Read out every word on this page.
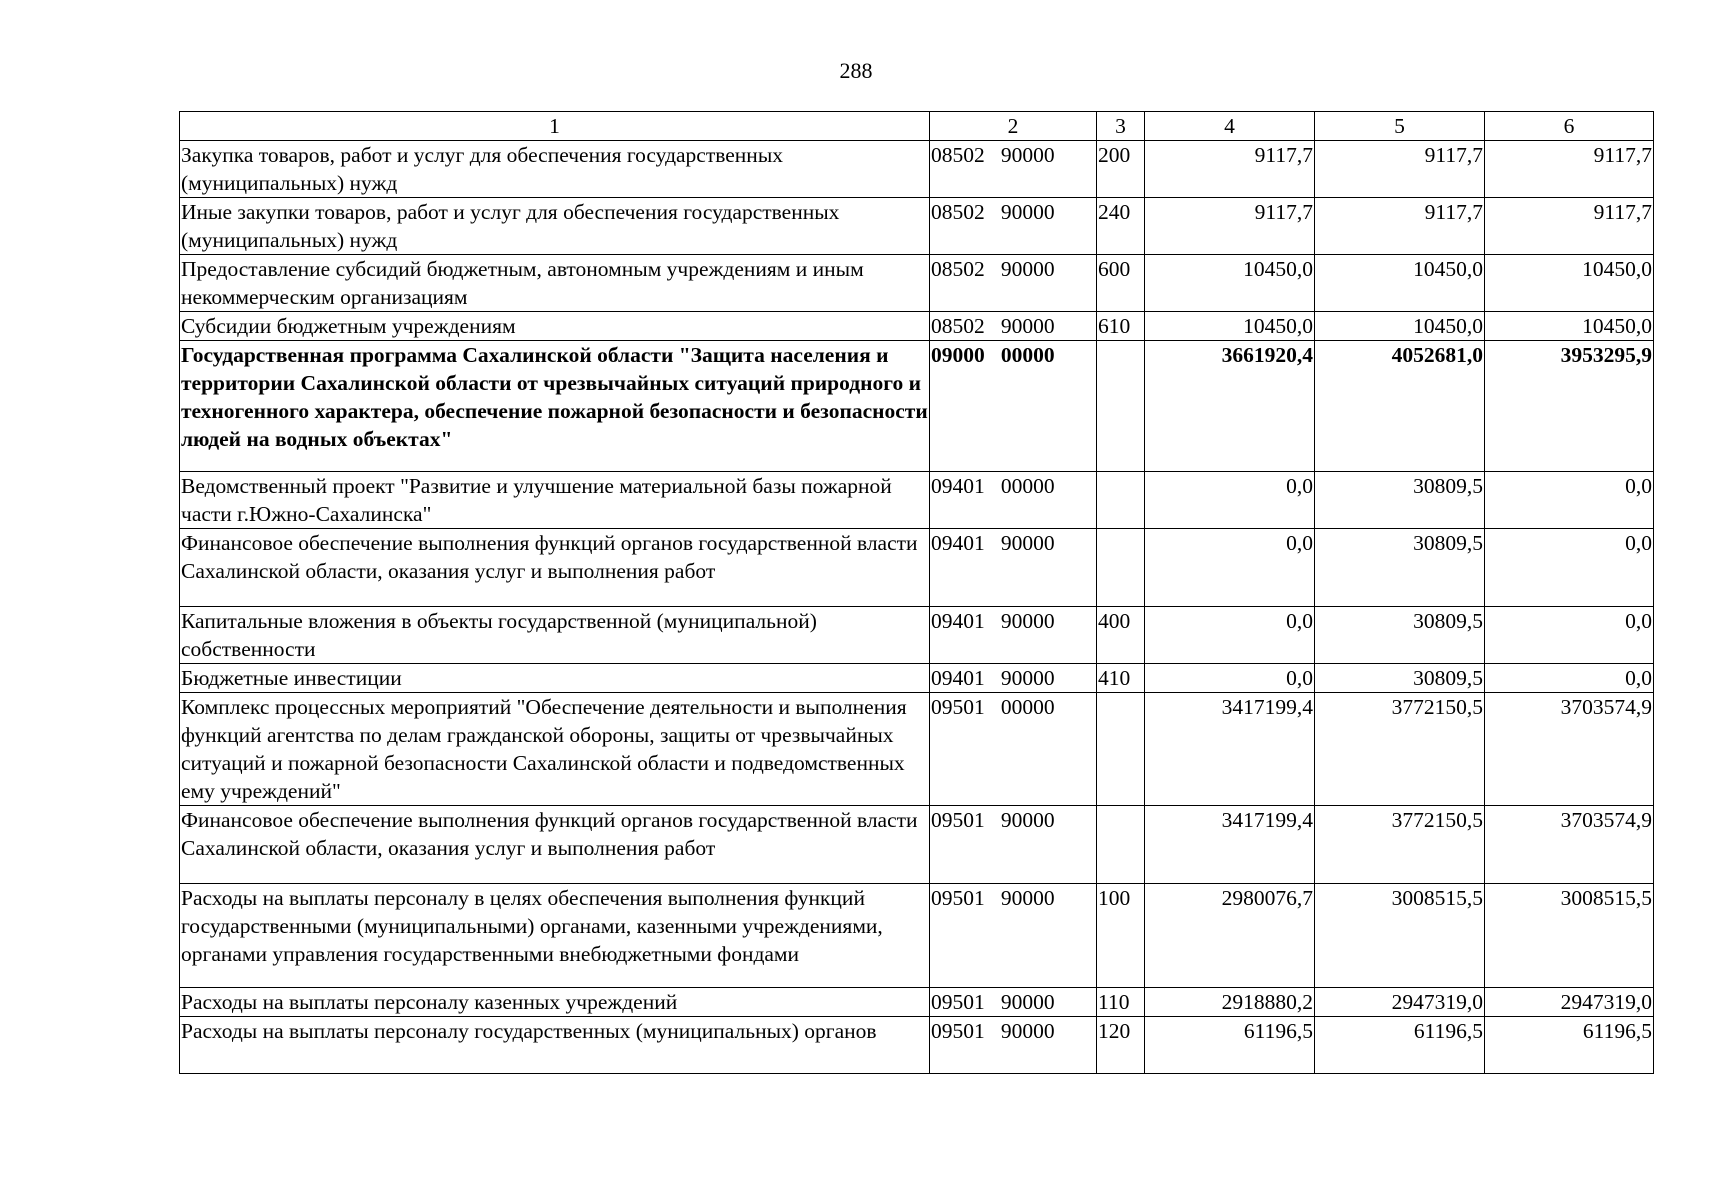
288
1	2	3	4	5	6
Закупка товаров, работ и услуг для обеспечения государственных (муниципальных) нужд	08502   90000	200	9117,7	9117,7	9117,7
Иные закупки товаров, работ и услуг для обеспечения государственных (муниципальных) нужд	08502   90000	240	9117,7	9117,7	9117,7
Предоставление субсидий бюджетным, автономным учреждениям и иным некоммерческим организациям	08502   90000	600	10450,0	10450,0	10450,0
Субсидии бюджетным учреждениям	08502   90000	610	10450,0	10450,0	10450,0
Государственная программа Сахалинской области "Защита населения и территории Сахалинской области от чрезвычайных ситуаций природного и техногенного характера, обеспечение пожарной безопасности и безопасности людей на водных объектах"	09000   00000		3661920,4	4052681,0	3953295,9
Ведомственный проект "Развитие и улучшение материальной базы пожарной части г.Южно-Сахалинска"	09401   00000		0,0	30809,5	0,0
Финансовое обеспечение выполнения функций органов государственной власти Сахалинской области, оказания услуг и выполнения работ	09401   90000		0,0	30809,5	0,0
Капитальные вложения в объекты государственной (муниципальной) собственности	09401   90000	400	0,0	30809,5	0,0
Бюджетные инвестиции	09401   90000	410	0,0	30809,5	0,0
Комплекс процессных мероприятий "Обеспечение деятельности и выполнения функций агентства по делам гражданской обороны, защиты от чрезвычайных ситуаций и пожарной безопасности Сахалинской области и подведомственных ему учреждений"	09501   00000		3417199,4	3772150,5	3703574,9
Финансовое обеспечение выполнения функций органов государственной власти Сахалинской области, оказания услуг и выполнения работ	09501   90000		3417199,4	3772150,5	3703574,9
Расходы на выплаты персоналу в целях обеспечения выполнения функций государственными (муниципальными) органами, казенными учреждениями, органами управления государственными внебюджетными фондами	09501   90000	100	2980076,7	3008515,5	3008515,5
Расходы на выплаты персоналу казенных учреждений	09501   90000	110	2918880,2	2947319,0	2947319,0
Расходы на выплаты персоналу государственных (муниципальных) органов	09501   90000	120	61196,5	61196,5	61196,5
